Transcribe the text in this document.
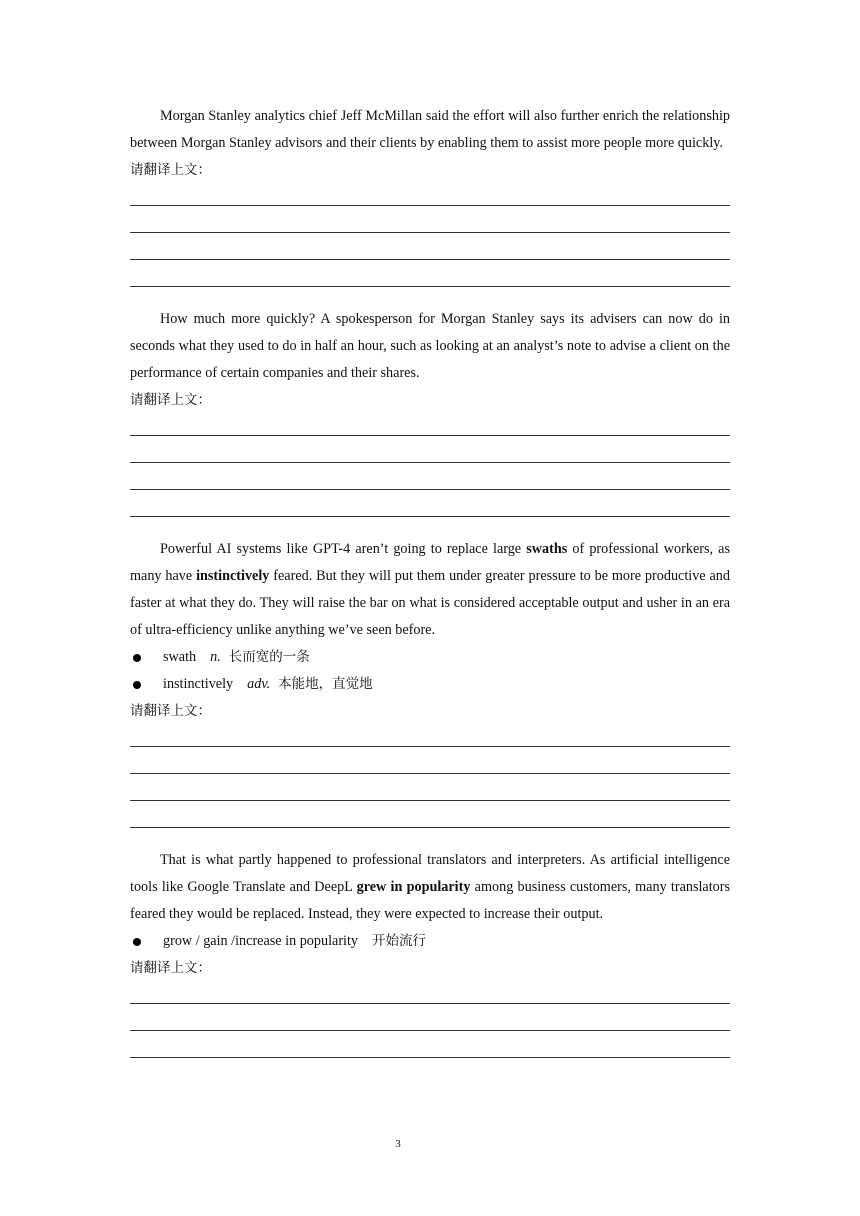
Morgan Stanley analytics chief Jeff McMillan said the effort will also further enrich the relationship between Morgan Stanley advisors and their clients by enabling them to assist more people more quickly.

请翻译上文：

How much more quickly? A spokesperson for Morgan Stanley says its advisers can now do in seconds what they used to do in half an hour, such as looking at an analyst’s note to advise a client on the performance of certain companies and their shares.

请翻译上文：

Powerful AI systems like GPT-4 aren’t going to replace large swaths of professional workers, as many have instinctively feared. But they will put them under greater pressure to be more productive and faster at what they do. They will raise the bar on what is considered acceptable output and usher in an era of ultra-efficiency unlike anything we’ve seen before.

swath n. 长而宽的一条
instinctively adv. 本能地，直觉地

请翻译上文：

That is what partly happened to professional translators and interpreters. As artificial intelligence tools like Google Translate and DeepL grew in popularity among business customers, many translators feared they would be replaced. Instead, they were expected to increase their output.

grow / gain /increase in popularity 开始流行

请翻译上文：

3
